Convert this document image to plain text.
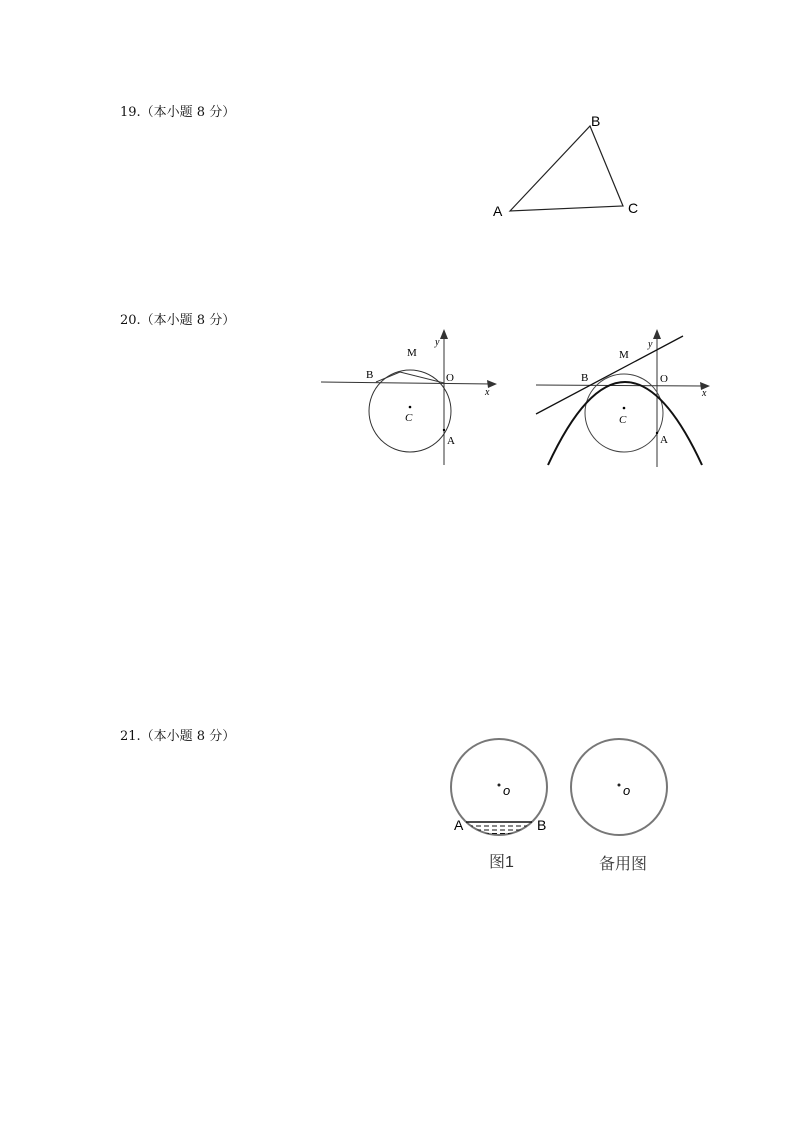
19.（本小题 8 分）
20.（本小题 8 分）
21.（本小题 8 分）
A
B
C
y
x
M
B	O
C
A
y
x
M
B	O
C
A
o
A	B
图1
o
备用图
